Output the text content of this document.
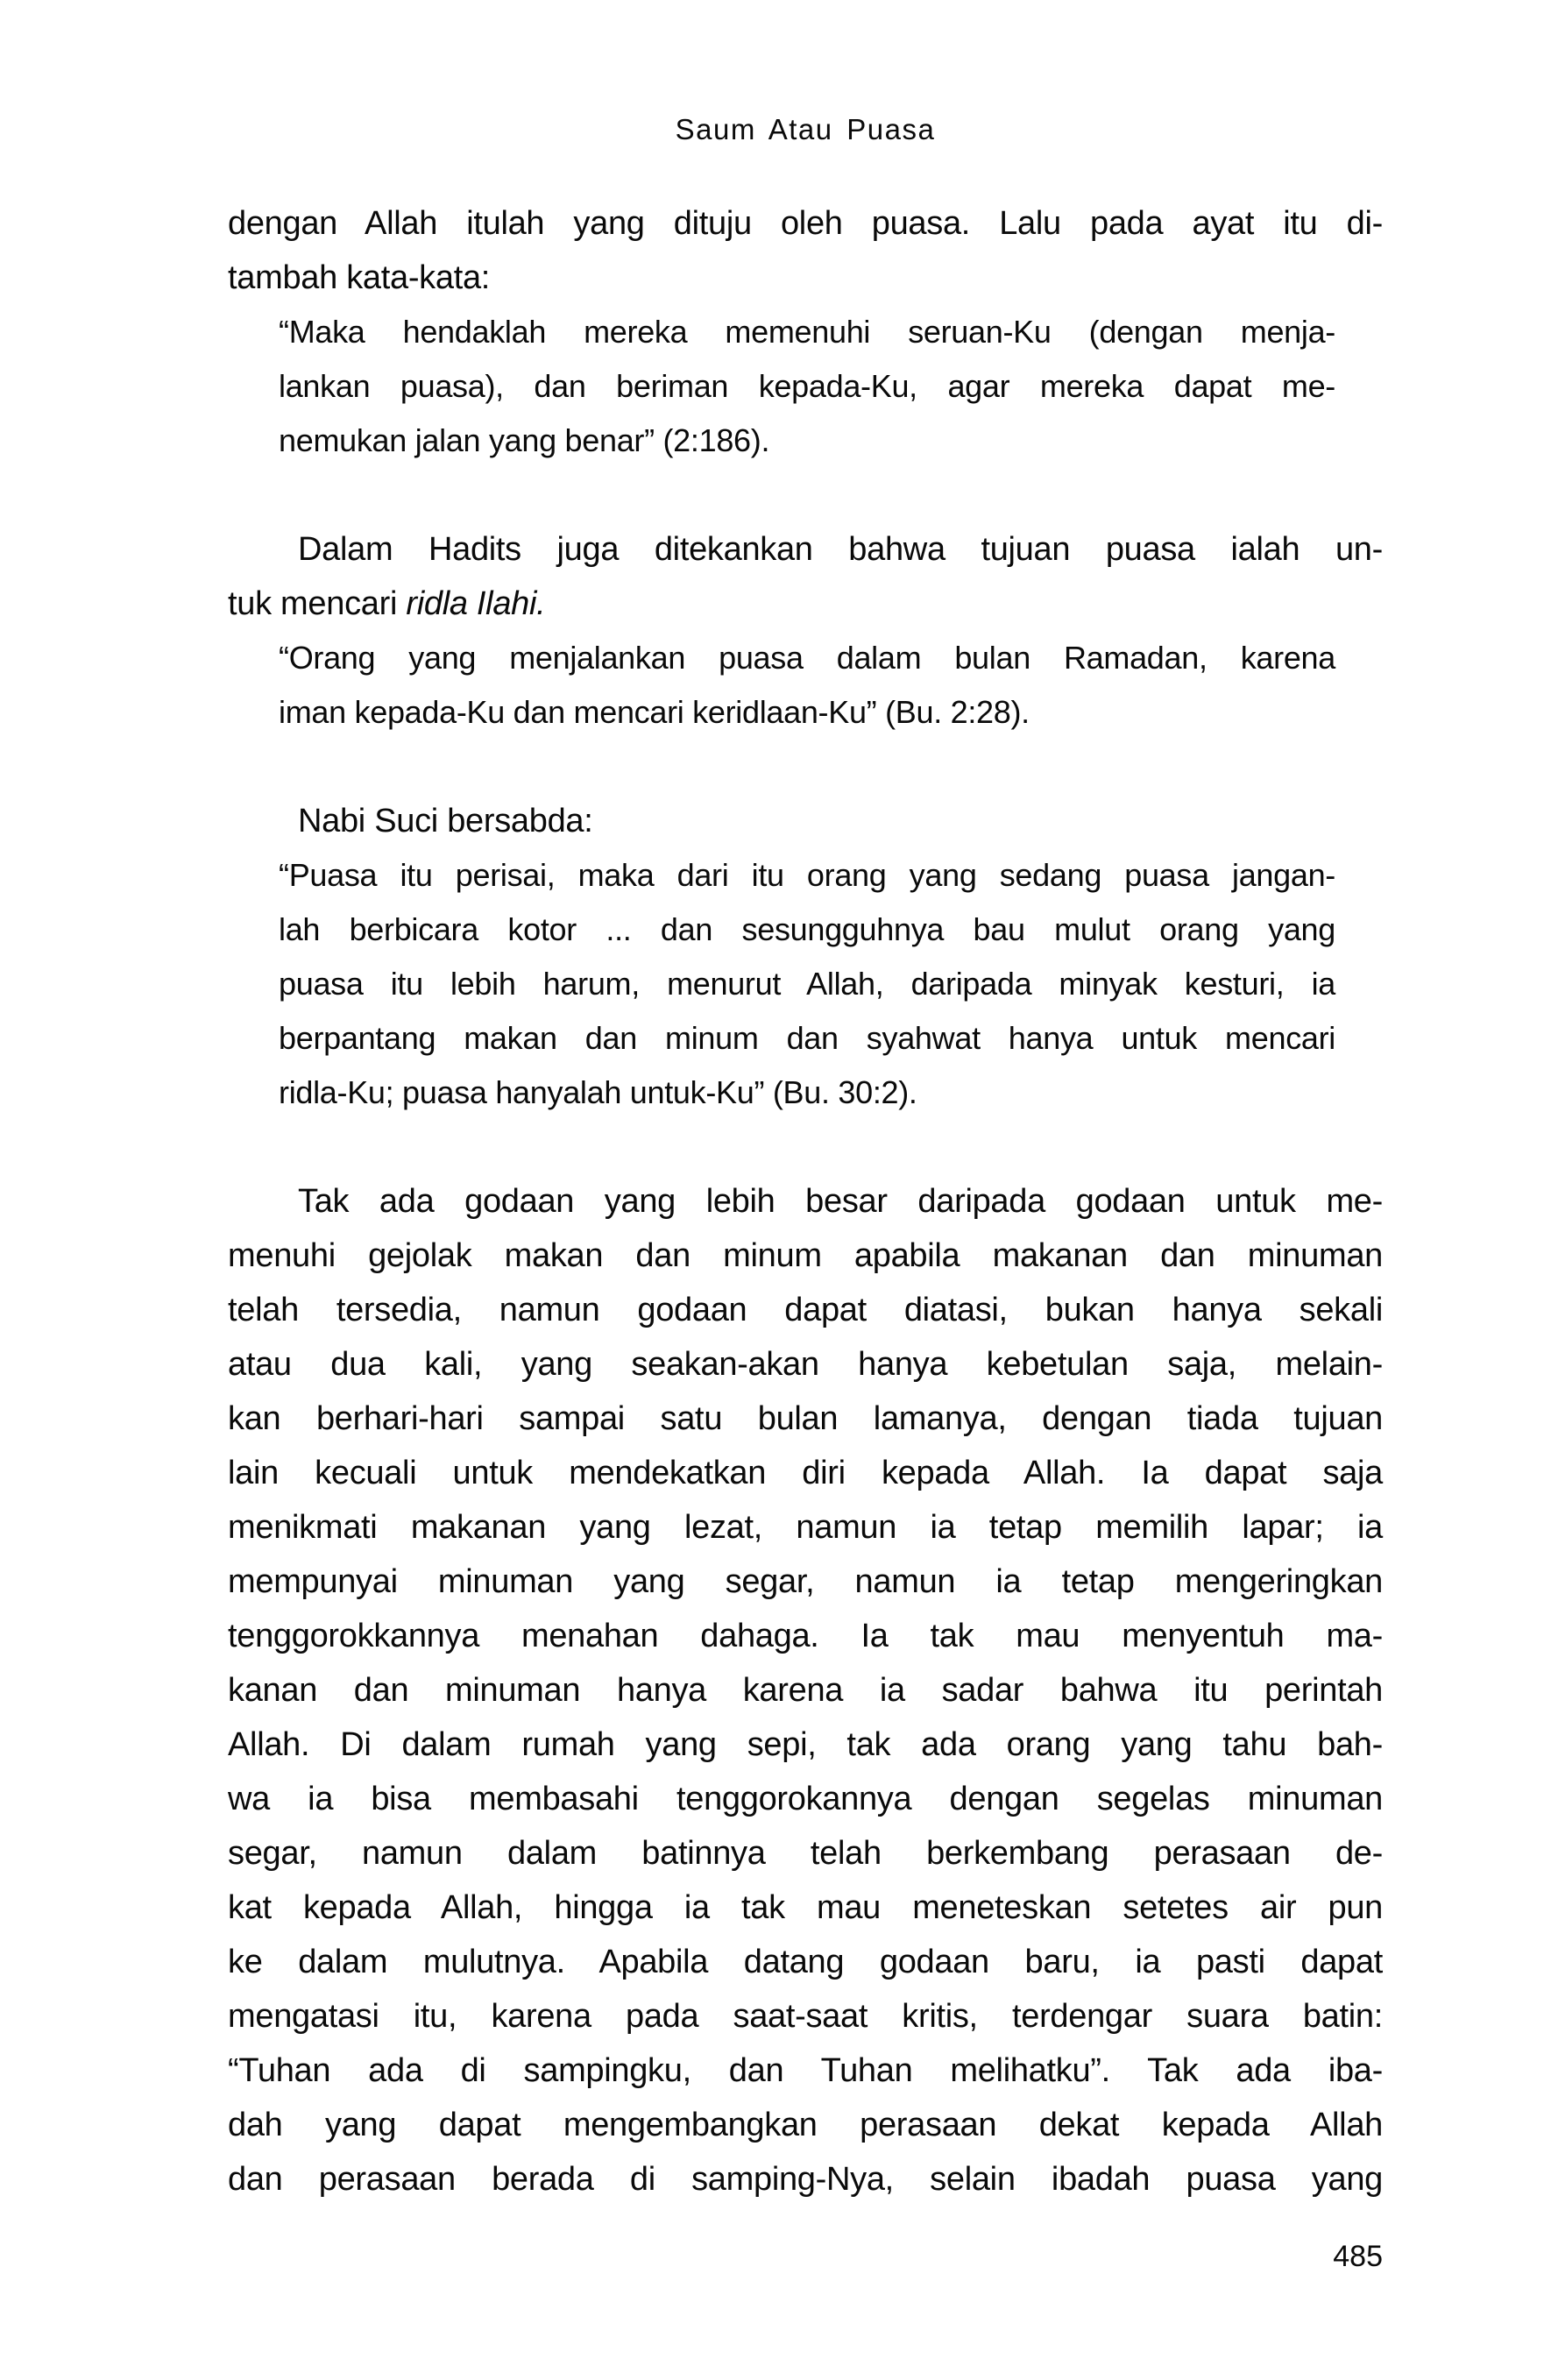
Saum Atau Puasa
dengan Allah itulah yang dituju oleh puasa. Lalu pada ayat itu di-
tambah kata-kata:
“Maka hendaklah mereka memenuhi seruan-Ku (dengan menja-
lankan puasa), dan beriman kepada-Ku, agar mereka dapat me-
nemukan jalan yang benar” (2:186).
Dalam Hadits juga ditekankan bahwa tujuan puasa ialah un-
tuk mencari ridla Ilahi.
“Orang yang menjalankan puasa dalam bulan Ramadan, karena
iman kepada-Ku dan mencari keridlaan-Ku” (Bu. 2:28).
Nabi Suci bersabda:
“Puasa itu perisai, maka dari itu orang yang sedang puasa jangan-
lah berbicara kotor ... dan sesungguhnya bau mulut orang yang
puasa itu lebih harum, menurut Allah, daripada minyak kesturi, ia
berpantang makan dan minum dan syahwat hanya untuk mencari
ridla-Ku; puasa hanyalah untuk-Ku” (Bu. 30:2).
Tak ada godaan yang lebih besar daripada godaan untuk me-
menuhi gejolak makan dan minum apabila makanan dan minuman
telah tersedia, namun godaan dapat diatasi, bukan hanya sekali
atau dua kali, yang seakan-akan hanya kebetulan saja, melain-
kan berhari-hari sampai satu bulan lamanya, dengan tiada tujuan
lain kecuali untuk mendekatkan diri kepada Allah. Ia dapat saja
menikmati makanan yang lezat, namun ia tetap memilih lapar; ia
mempunyai minuman yang segar, namun ia tetap mengeringkan
tenggorokkannya menahan dahaga. Ia tak mau menyentuh ma-
kanan dan minuman hanya karena ia sadar bahwa itu perintah
Allah. Di dalam rumah yang sepi, tak ada orang yang tahu bah-
wa ia bisa membasahi tenggorokannya dengan segelas minuman
segar, namun dalam batinnya telah berkembang perasaan de-
kat kepada Allah, hingga ia tak mau meneteskan setetes air pun
ke dalam mulutnya. Apabila datang godaan baru, ia pasti dapat
mengatasi itu, karena pada saat-saat kritis, terdengar suara batin:
“Tuhan ada di sampingku, dan Tuhan melihatku”. Tak ada iba-
dah yang dapat mengembangkan perasaan dekat kepada Allah
dan perasaan berada di samping-Nya, selain ibadah puasa yang
485
